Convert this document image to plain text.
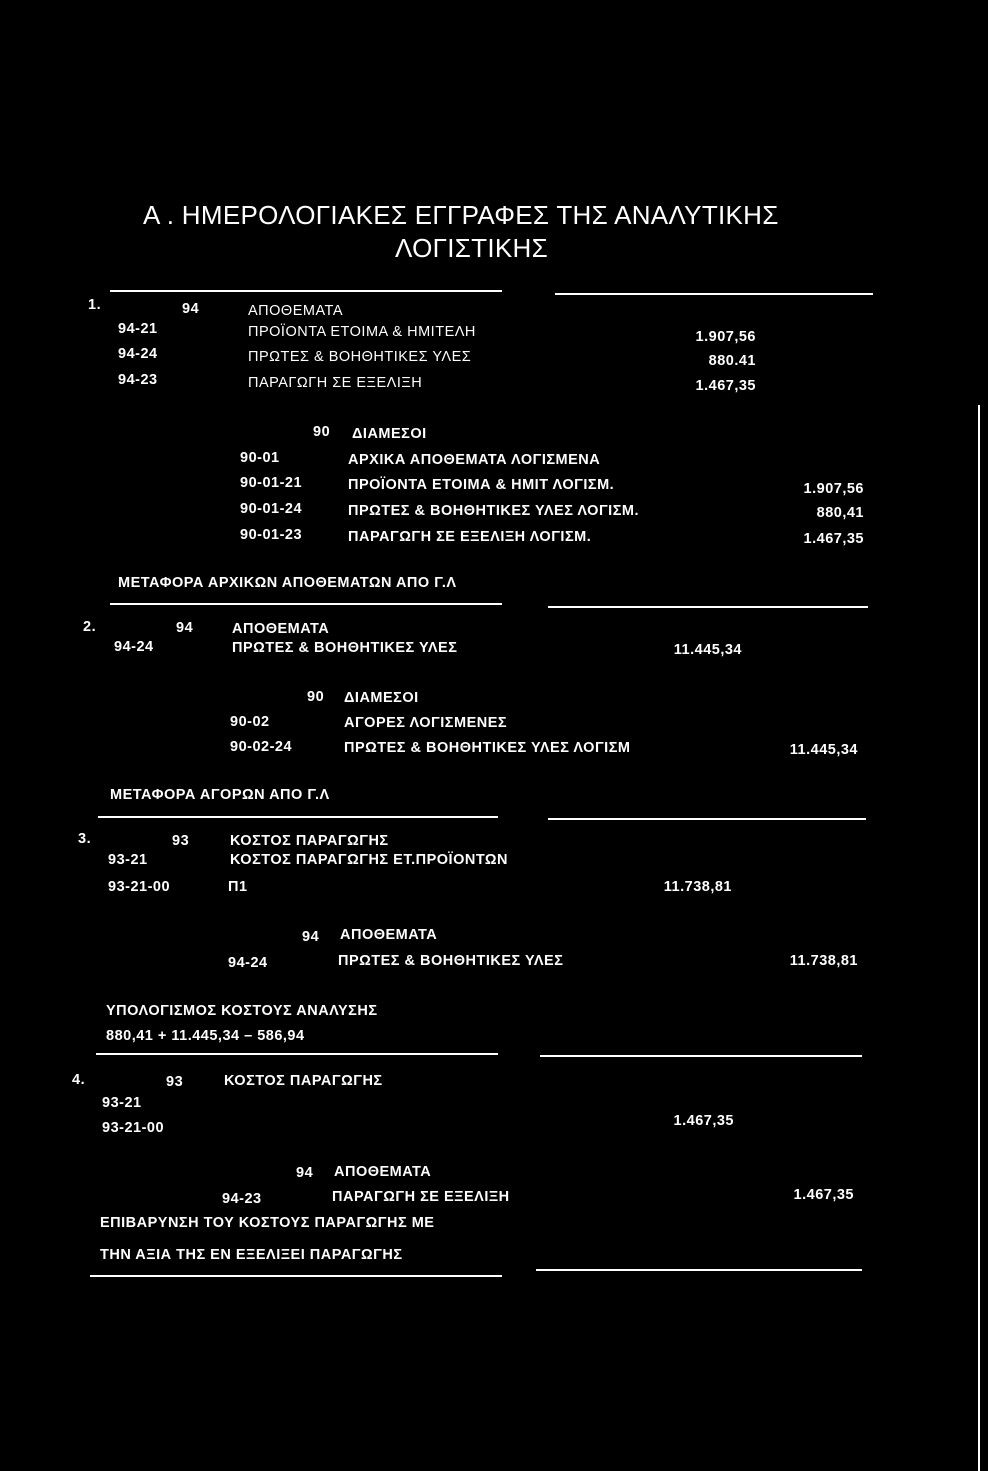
Α . ΗΜΕΡΟΛΟΓΙΑΚΕΣ ΕΓΓΡΑΦΕΣ ΤΗΣ ΑΝΑΛΥΤΙΚΗΣ
ΛΟΓΙΣΤΙΚΗΣ
1.	94	ΑΠΟΘΕΜΑΤΑ
94-21	ΠΡΟΪΟΝΤΑ ΕΤΟΙΜΑ & ΗΜΙΤΕΛΗ	1.907,56
94-24	ΠΡΩΤΕΣ & ΒΟΗΘΗΤΙΚΕΣ ΥΛΕΣ	880.41
94-23	ΠΑΡΑΓΩΓΗ ΣΕ ΕΞΕΛΙΞΗ	1.467,35
90 ΔΙΑΜΕΣΟΙ
90-01	ΑΡΧΙΚΑ ΑΠΟΘΕΜΑΤΑ ΛΟΓΙΣΜΕΝΑ
90-01-21	ΠΡΟΪΟΝΤΑ ΕΤΟΙΜΑ & ΗΜΙΤ ΛΟΓΙΣΜ.	1.907,56
90-01-24	ΠΡΩΤΕΣ & ΒΟΗΘΗΤΙΚΕΣ ΥΛΕΣ ΛΟΓΙΣΜ.	880,41
90-01-23	ΠΑΡΑΓΩΓΗ ΣΕ ΕΞΕΛΙΞΗ ΛΟΓΙΣΜ.	1.467,35
ΜΕΤΑΦΟΡΑ ΑΡΧΙΚΩΝ ΑΠΟΘΕΜΑΤΩΝ ΑΠΟ Γ.Λ
2.	94	ΑΠΟΘΕΜΑΤΑ
94-24	ΠΡΩΤΕΣ & ΒΟΗΘΗΤΙΚΕΣ ΥΛΕΣ	11.445,34
90 ΔΙΑΜΕΣΟΙ
90-02	ΑΓΟΡΕΣ ΛΟΓΙΣΜΕΝΕΣ
90-02-24	ΠΡΩΤΕΣ & ΒΟΗΘΗΤΙΚΕΣ ΥΛΕΣ ΛΟΓΙΣΜ	11.445,34
ΜΕΤΑΦΟΡΑ ΑΓΟΡΩΝ ΑΠΟ Γ.Λ
3.	93	ΚΟΣΤΟΣ ΠΑΡΑΓΩΓΗΣ
93-21	ΚΟΣΤΟΣ ΠΑΡΑΓΩΓΗΣ ΕΤ.ΠΡΟΪΟΝΤΩΝ
93-21-00	Π1	11.738,81
94 ΑΠΟΘΕΜΑΤΑ
94-24	ΠΡΩΤΕΣ & ΒΟΗΘΗΤΙΚΕΣ ΥΛΕΣ	11.738,81
ΥΠΟΛΟΓΙΣΜΟΣ ΚΟΣΤΟΥΣ ΑΝΑΛΥΣΗΣ
880,41 + 11.445,34 – 586,94
4.	93	ΚΟΣΤΟΣ ΠΑΡΑΓΩΓΗΣ
93-21
93-21-00	1.467,35
94 ΑΠΟΘΕΜΑΤΑ
94-23	ΠΑΡΑΓΩΓΗ ΣΕ ΕΞΕΛΙΞΗ	1.467,35
ΕΠΙΒΑΡΥΝΣΗ ΤΟΥ ΚΟΣΤΟΥΣ ΠΑΡΑΓΩΓΗΣ ΜΕ
ΤΗΝ ΑΞΙΑ ΤΗΣ ΕΝ ΕΞΕΛΙΞΕΙ ΠΑΡΑΓΩΓΗΣ
